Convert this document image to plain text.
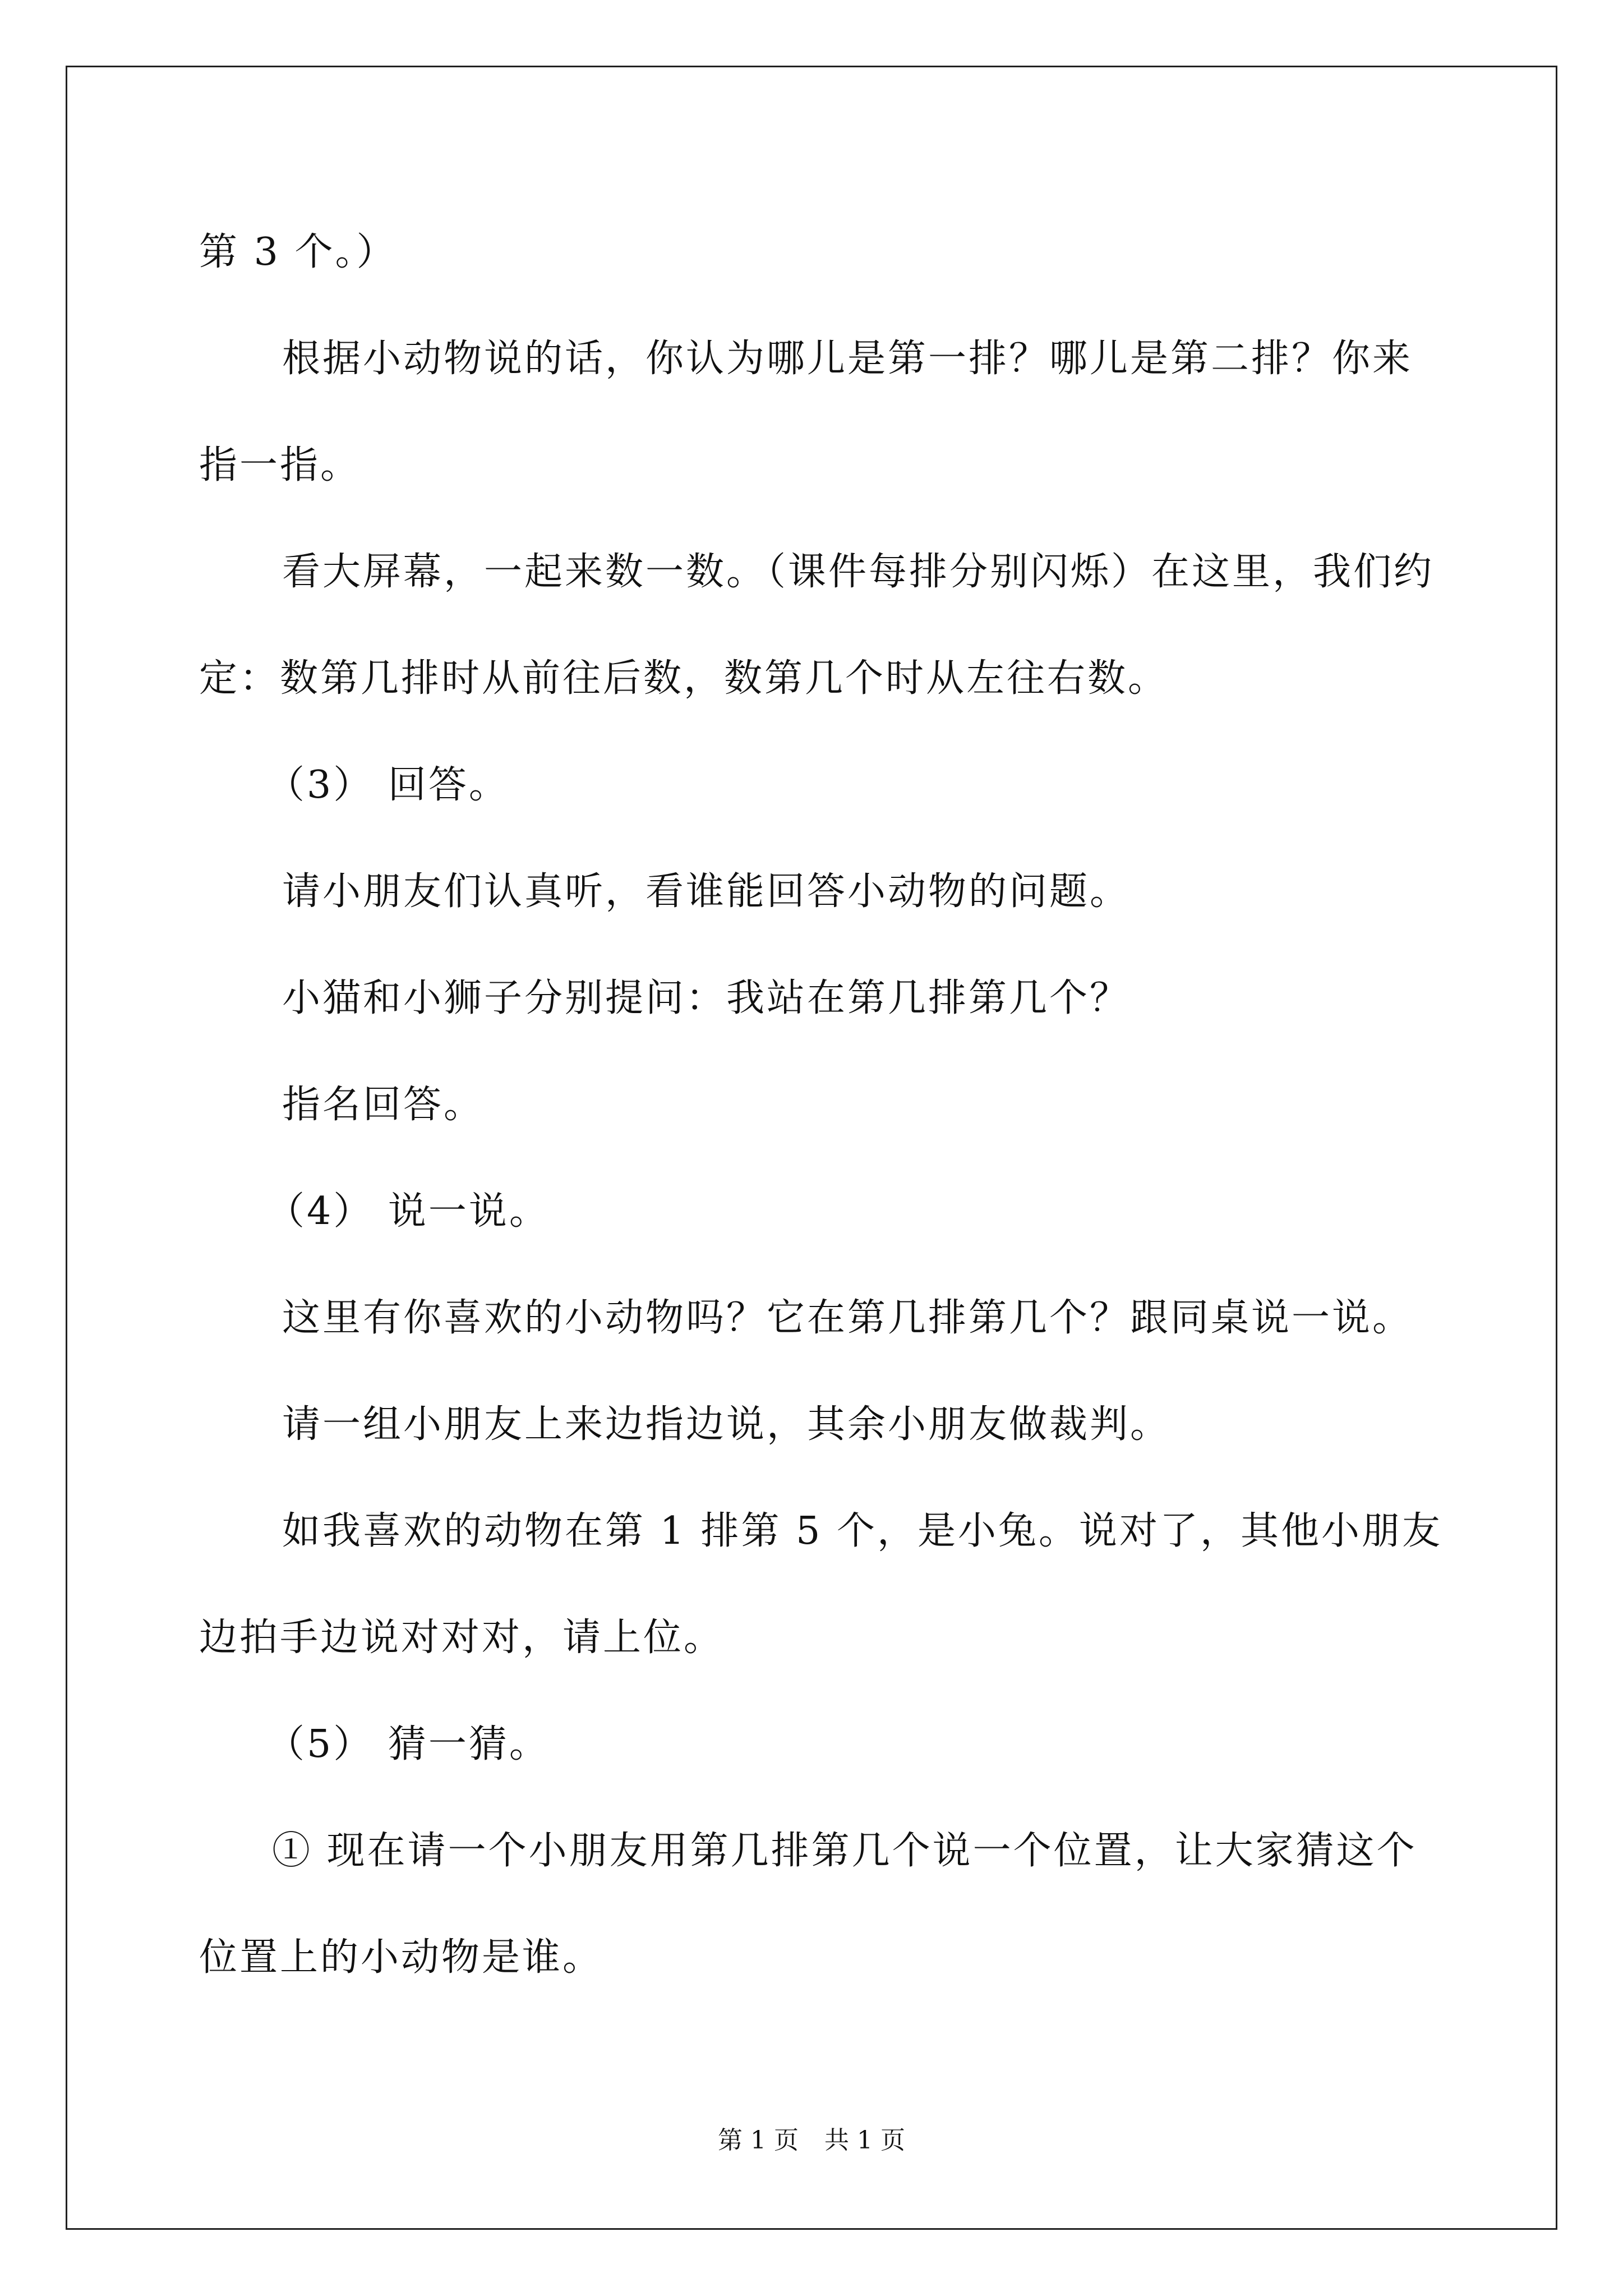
第 3 个。）
根据小动物说的话，你认为哪儿是第一排？哪儿是第二排？你来
指一指。
看大屏幕，一起来数一数。（课件每排分别闪烁）在这里，我们约
定：数第几排时从前往后数，数第几个时从左往右数。
（3） 回答。
请小朋友们认真听，看谁能回答小动物的问题。
小猫和小狮子分别提问：我站在第几排第几个？
指名回答。
（4） 说一说。
这里有你喜欢的小动物吗？它在第几排第几个？跟同桌说一说。
请一组小朋友上来边指边说，其余小朋友做裁判。
如我喜欢的动物在第 1 排第 5 个，是小兔。说对了，其他小朋友
边拍手边说对对对，请上位。
（5） 猜一猜。
① 现在请一个小朋友用第几排第几个说一个位置，让大家猜这个
位置上的小动物是谁。
第 1 页 共 1 页
